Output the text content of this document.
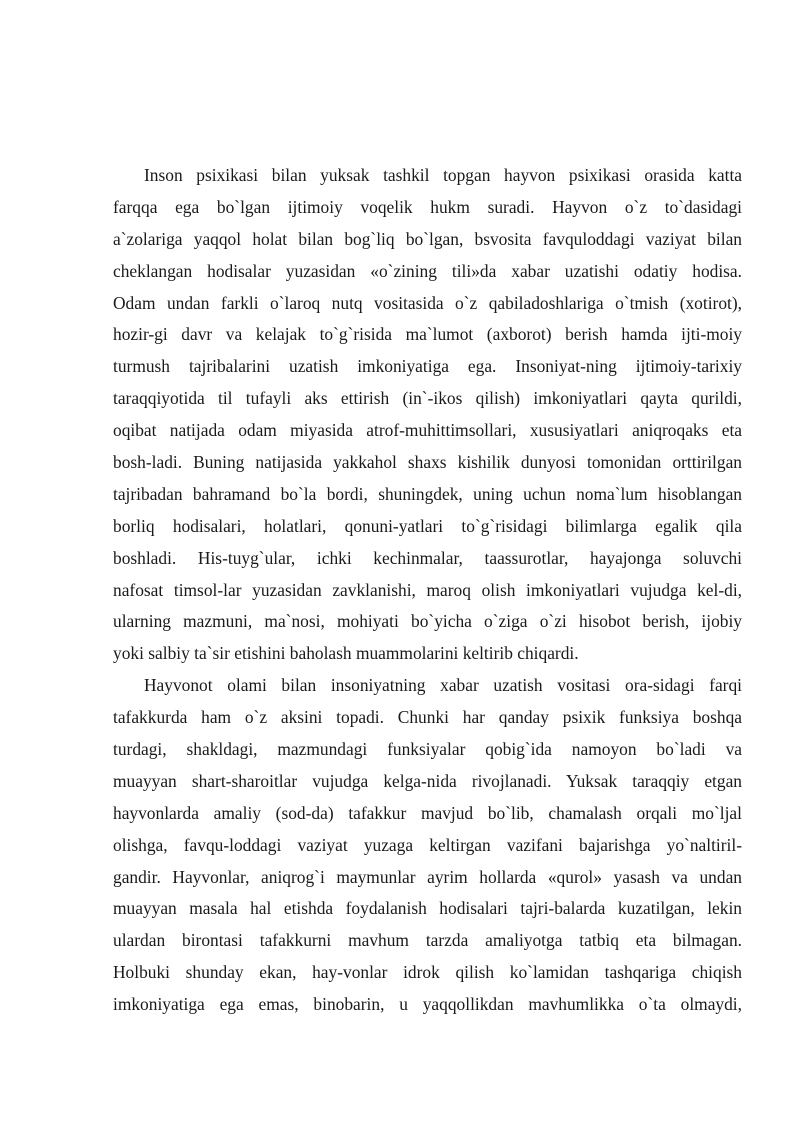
Inson psixikasi bilan yuksak tashkil topgan hayvon psixikasi orasida katta
farqqa ega bo`lgan ijtimoiy voqelik hukm suradi. Hayvon o`z to`dasidagi
a`zolariga yaqqol holat bilan bog`liq bo`lgan, bsvosita favquloddagi vaziyat bilan
cheklangan hodisalar yuzasidan «o`zining tili»da xabar uzatishi odatiy hodisa.
Odam undan farkli o`laroq nutq vositasida o`z qabiladoshlariga o`tmish (xotirot),
hozir-gi davr va kelajak to`g`risida ma`lumot (axborot) berish hamda ijti-moiy
turmush tajribalarini uzatish imkoniyatiga ega. Insoniyat-ning ijtimoiy-tarixiy
taraqqiyotida til tufayli aks ettirish (in`-ikos qilish) imkoniyatlari qayta qurildi,
oqibat natijada odam miyasida atrof-muhittimsollari, xususiyatlari aniqroqaks eta
bosh-ladi. Buning natijasida yakkahol shaxs kishilik dunyosi tomonidan orttirilgan
tajribadan bahramand bo`la bordi, shuningdek, uning uchun noma`lum hisoblangan
borliq hodisalari, holatlari, qonuni-yatlari to`g`risidagi bilimlarga egalik qila
boshladi. His-tuyg`ular, ichki kechinmalar, taassurotlar, hayajonga soluvchi
nafosat timsol-lar yuzasidan zavklanishi, maroq olish imkoniyatlari vujudga kel-di,
ularning mazmuni, ma`nosi, mohiyati bo`yicha o`ziga o`zi hisobot berish, ijobiy
yoki salbiy ta`sir etishini baholash muammolarini keltirib chiqardi.
Hayvonot olami bilan insoniyatning xabar uzatish vositasi ora-sidagi farqi
tafakkurda ham o`z aksini topadi. Chunki har qanday psixik funksiya boshqa
turdagi, shakldagi, mazmundagi funksiyalar qobig`ida namoyon bo`ladi va
muayyan shart-sharoitlar vujudga kelga-nida rivojlanadi. Yuksak taraqqiy etgan
hayvonlarda amaliy (sod-da) tafakkur mavjud bo`lib, chamalash orqali mo`ljal
olishga, favqu-loddagi vaziyat yuzaga keltirgan vazifani bajarishga yo`naltiril-
gandir. Hayvonlar, aniqrog`i maymunlar ayrim hollarda «qurol» yasash va undan
muayyan masala hal etishda foydalanish hodisalari tajri-balarda kuzatilgan, lekin
ulardan birontasi tafakkurni mavhum tarzda amaliyotga tatbiq eta bilmagan.
Holbuki shunday ekan, hay-vonlar idrok qilish ko`lamidan tashqariga chiqish
imkoniyatiga ega emas, binobarin, u yaqqollikdan mavhumlikka o`ta olmaydi,
